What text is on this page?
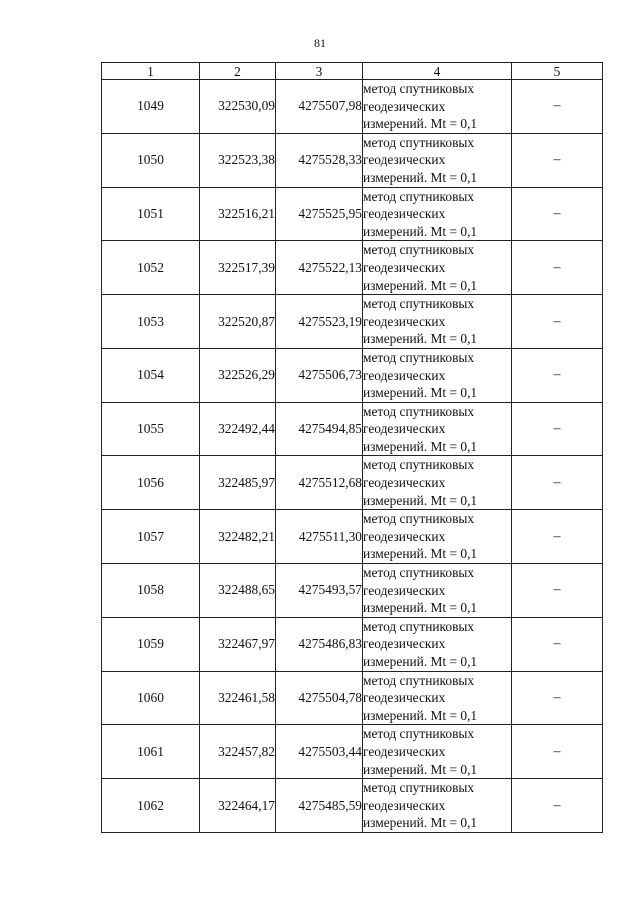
81
1	2	3	4	5
1049	322530,09	4275507,98	метод спутниковых
геодезических
измерений. Mt = 0,1	–
1050	322523,38	4275528,33	метод спутниковых
геодезических
измерений. Mt = 0,1	–
1051	322516,21	4275525,95	метод спутниковых
геодезических
измерений. Mt = 0,1	–
1052	322517,39	4275522,13	метод спутниковых
геодезических
измерений. Mt = 0,1	–
1053	322520,87	4275523,19	метод спутниковых
геодезических
измерений. Mt = 0,1	–
1054	322526,29	4275506,73	метод спутниковых
геодезических
измерений. Mt = 0,1	–
1055	322492,44	4275494,85	метод спутниковых
геодезических
измерений. Mt = 0,1	–
1056	322485,97	4275512,68	метод спутниковых
геодезических
измерений. Mt = 0,1	–
1057	322482,21	4275511,30	метод спутниковых
геодезических
измерений. Mt = 0,1	–
1058	322488,65	4275493,57	метод спутниковых
геодезических
измерений. Mt = 0,1	–
1059	322467,97	4275486,83	метод спутниковых
геодезических
измерений. Mt = 0,1	–
1060	322461,58	4275504,78	метод спутниковых
геодезических
измерений. Mt = 0,1	–
1061	322457,82	4275503,44	метод спутниковых
геодезических
измерений. Mt = 0,1	–
1062	322464,17	4275485,59	метод спутниковых
геодезических
измерений. Mt = 0,1	–
